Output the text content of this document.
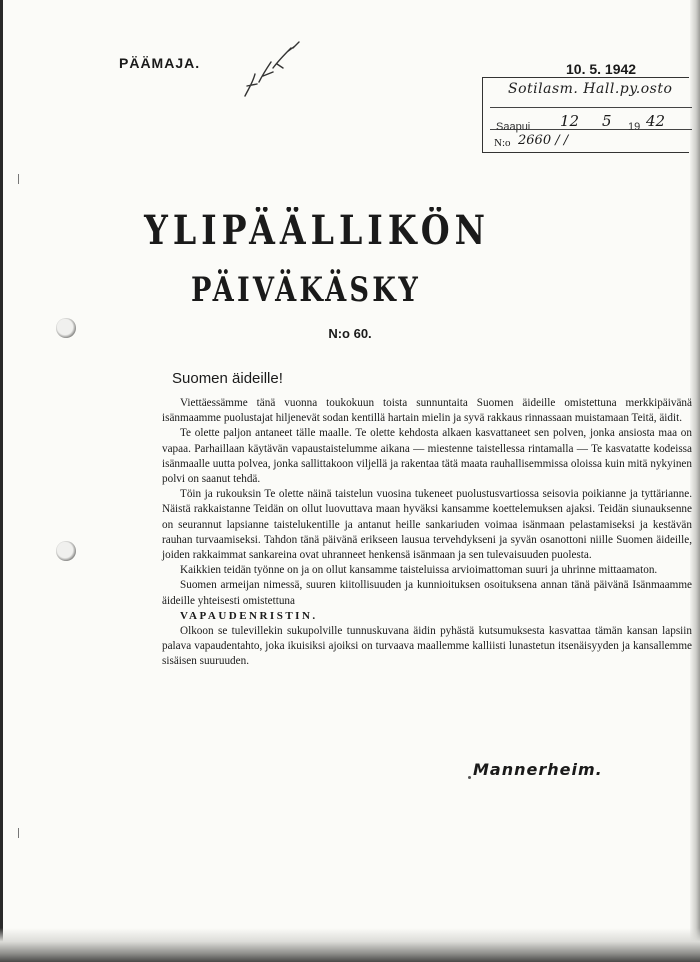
PÄÄMAJA.	10. 5. 1942
Ze/tt
Sotilasm. Hall.py.osto
Saapui 12 5 19 42
N:o 2660 / /
YLIPÄÄLLIKÖN
PÄIVÄKÄSKY
N:o 60.
Suomen äideille!

Viettäessämme tänä vuonna toukokuun toista sunnuntaita Suomen äideille omistettuna merkkipäivänä isänmaamme puolustajat hiljenevät sodan kentillä hartain mielin ja syvä rakkaus rinnassaan muistamaan Teitä, äidit.

Te olette paljon antaneet tälle maalle. Te olette kehdosta alkaen kasvattaneet sen polven, jonka ansiosta maa on vapaa. Parhaillaan käytävän vapaustaistelumme aikana — miestenne taistellessa rintamalla — Te kasvatatte kodeissa isänmaalle uutta polvea, jonka sallittakoon viljellä ja rakentaa tätä maata rauhallisemmissa oloissa kuin mitä nykyinen polvi on saanut tehdä.

Töin ja rukouksin Te olette näinä taistelun vuosina tukeneet puolustusvartiossa seisovia poikianne ja tyttärianne. Näistä rakkaistanne Teidän on ollut luovuttava maan hyväksi kansamme koettelemuksen ajaksi. Teidän siunauksenne on seurannut lapsianne taistelukentille ja antanut heille sankariuden voimaa isänmaan pelastamiseksi ja kestävän rauhan turvaamiseksi. Tahdon tänä päivänä erikseen lausua tervehdykseni ja syvän osanottoni niille Suomen äideille, joiden rakkaimmat sankareina ovat uhranneet henkensä isänmaan ja sen tulevaisuuden puolesta.

Kaikkien teidän työnne on ja on ollut kansamme taisteluissa arvioimattoman suuri ja uhrinne mittaamaton.

Suomen armeijan nimessä, suuren kiitollisuuden ja kunnioituksen osoituksena annan tänä päivänä Isänmaamme äideille yhteisesti omistettuna

VAPAUDENRISTIN.

Olkoon se tulevillekin sukupolville tunnuskuvana äidin pyhästä kutsumuksesta kasvattaa tämän kansan lapsiin palava vapaudentahto, joka ikuisiksi ajoiksi on turvaava maallemme kalliisti lunastetun itsenäisyyden ja kansallemme sisäisen suuruuden.

Mannerheim.
